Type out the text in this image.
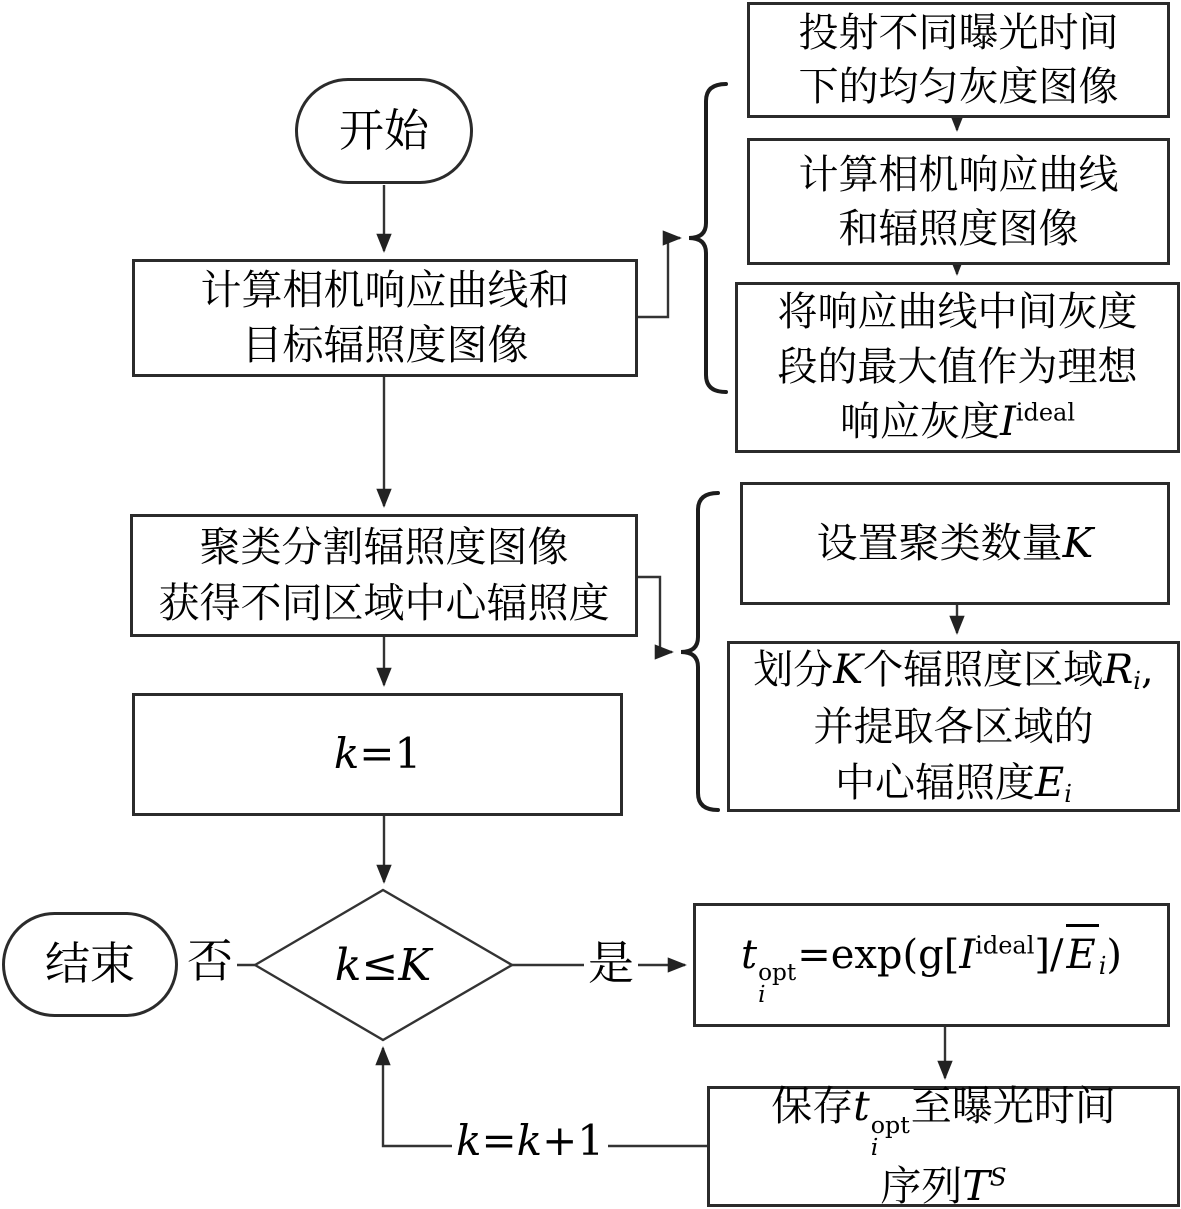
开始
结束
计算相机响应曲线和
目标辐照度图像
聚类分割辐照度图像
获得不同区域中心辐照度
k=1
k≤K
投射不同曝光时间
下的均匀灰度图像
计算相机响应曲线
和辐照度图像
将响应曲线中间灰度
段的最大值作为理想
响应灰度$I^{ideal}$
设置聚类数量K
划分K个辐照度区域$R_i$,
并提取各区域的
中心辐照度$E_i$
t opt
i
$=\exp(g[I^{ideal}]/E$ $_i$)
保存t opt
i
至曝光时间
序列$T^S$
否	是
k=k+1
